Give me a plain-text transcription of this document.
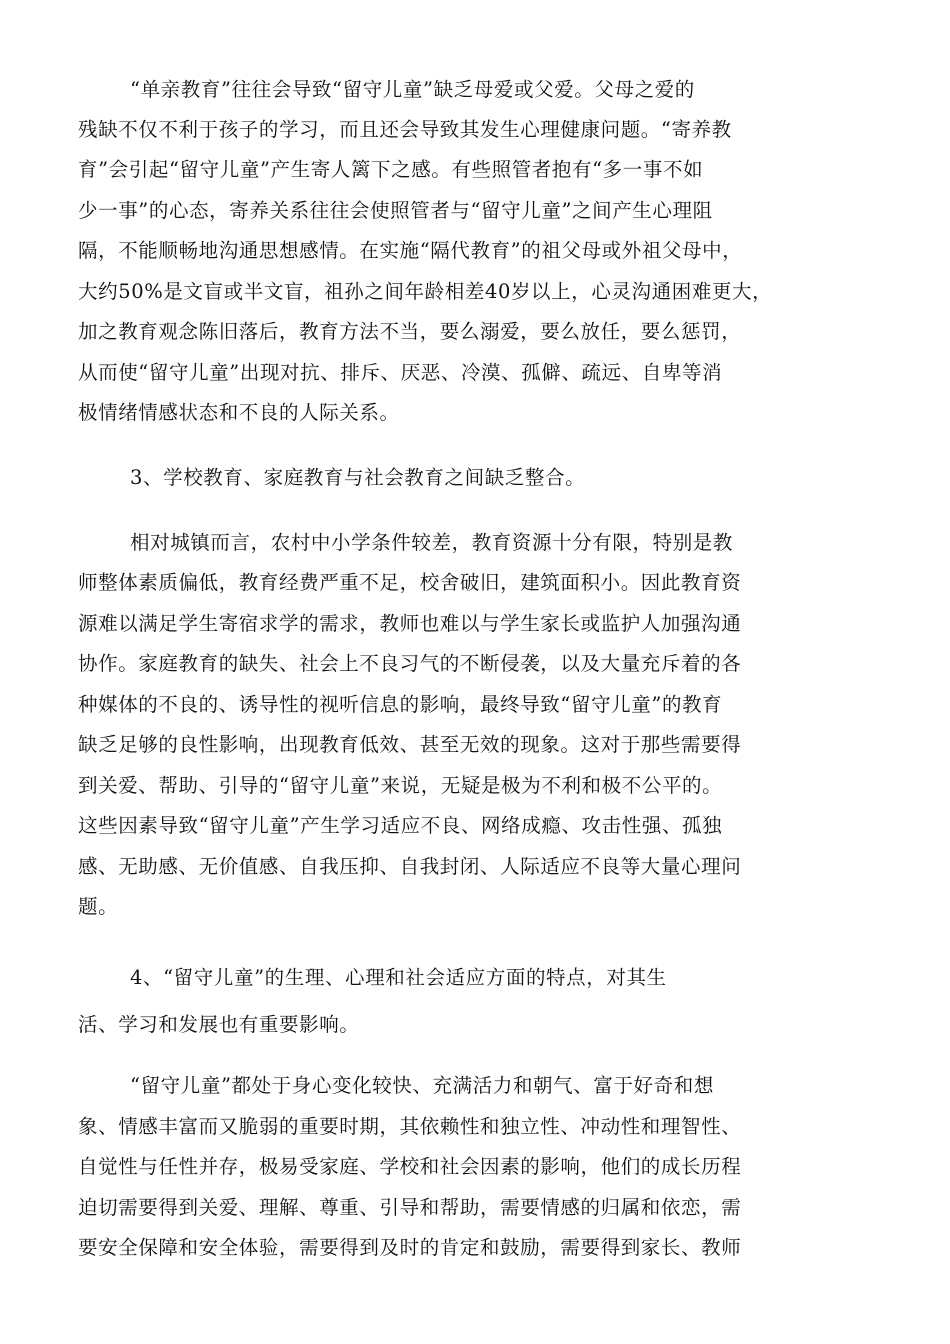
“单亲教育”往往会导致“留守儿童”缺乏母爱或父爱。父母之爱的

残缺不仅不利于孩子的学习，而且还会导致其发生心理健康问题。“寄养教

育”会引起“留守儿童”产生寄人篱下之感。有些照管者抱有“多一事不如

少一事”的心态，寄养关系往往会使照管者与“留守儿童”之间产生心理阻

隔，不能顺畅地沟通思想感情。在实施“隔代教育”的祖父母或外祖父母中，

大约50%是文盲或半文盲，祖孙之间年龄相差40岁以上，心灵沟通困难更大，

加之教育观念陈旧落后，教育方法不当，要么溺爱，要么放任，要么惩罚，

从而使“留守儿童”出现对抗、排斥、厌恶、冷漠、孤僻、疏远、自卑等消

极情绪情感状态和不良的人际关系。

3、学校教育、家庭教育与社会教育之间缺乏整合。

相对城镇而言，农村中小学条件较差，教育资源十分有限，特别是教

师整体素质偏低，教育经费严重不足，校舍破旧，建筑面积小。因此教育资

源难以满足学生寄宿求学的需求，教师也难以与学生家长或监护人加强沟通

协作。家庭教育的缺失、社会上不良习气的不断侵袭，以及大量充斥着的各

种媒体的不良的、诱导性的视听信息的影响，最终导致“留守儿童”的教育

缺乏足够的良性影响，出现教育低效、甚至无效的现象。这对于那些需要得

到关爱、帮助、引导的“留守儿童”来说，无疑是极为不利和极不公平的。

这些因素导致“留守儿童”产生学习适应不良、网络成瘾、攻击性强、孤独

感、无助感、无价值感、自我压抑、自我封闭、人际适应不良等大量心理问

题。

4、“留守儿童”的生理、心理和社会适应方面的特点，对其生

活、学习和发展也有重要影响。

“留守儿童”都处于身心变化较快、充满活力和朝气、富于好奇和想

象、情感丰富而又脆弱的重要时期，其依赖性和独立性、冲动性和理智性、

自觉性与任性并存，极易受家庭、学校和社会因素的影响，他们的成长历程

迫切需要得到关爱、理解、尊重、引导和帮助，需要情感的归属和依恋，需

要安全保障和安全体验，需要得到及时的肯定和鼓励，需要得到家长、教师
